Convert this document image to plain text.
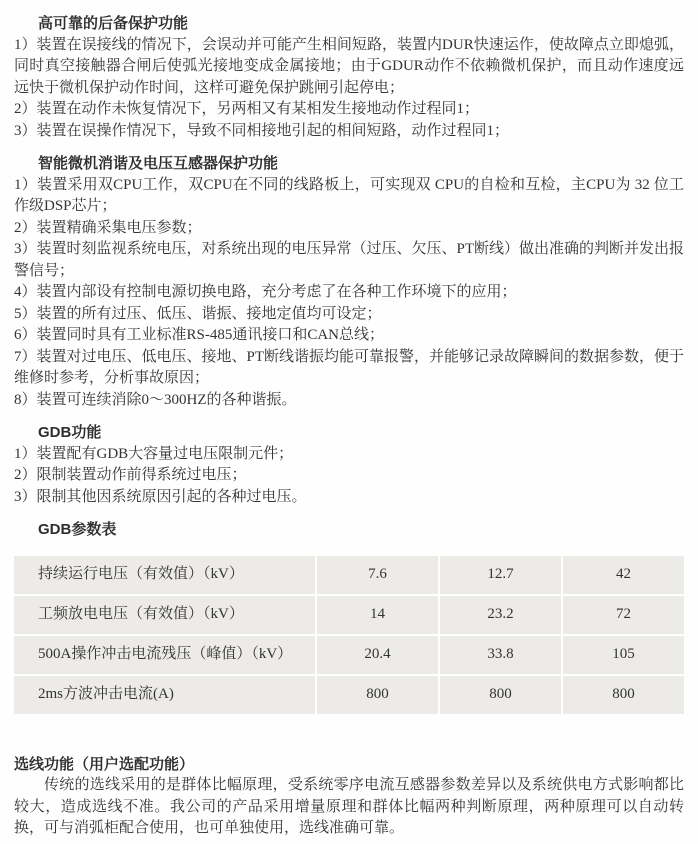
高可靠的后备保护功能

1）装置在误接线的情况下，会误动并可能产生相间短路，装置内DUR快速运作，使故障点立即熄弧，同时真空接触器合闸后使弧光接地变成金属接地；由于GDUR动作不依赖微机保护，而且动作速度远远快于微机保护动作时间，这样可避免保护跳闸引起停电；

2）装置在动作未恢复情况下，另两相又有某相发生接地动作过程同1；

3）装置在误操作情况下，导致不同相接地引起的相间短路，动作过程同1；

智能微机消谐及电压互感器保护功能

1）装置采用双CPU工作，双CPU在不同的线路板上，可实现双 CPU的自检和互检，主CPU为 32 位工作级DSP芯片；

2）装置精确采集电压参数；

3）装置时刻监视系统电压，对系统出现的电压异常（过压、欠压、PT断线）做出准确的判断并发出报警信号；

4）装置内部设有控制电源切换电路，充分考虑了在各种工作环境下的应用；

5）装置的所有过压、低压、谐振、接地定值均可设定；

6）装置同时具有工业标准RS-485通讯接口和CAN总线；

7）装置对过电压、低电压、接地、PT断线谐振均能可靠报警，并能够记录故障瞬间的数据参数，便于维修时参考，分析事故原因；

8）装置可连续消除0～300HZ的各种谐振。

GDB功能

1）装置配有GDB大容量过电压限制元件；

2）限制装置动作前得系统过电压；

3）限制其他因系统原因引起的各种过电压。

GDB参数表
持续运行电压（有效值）（kV）	7.6	12.7	42
工频放电电压（有效值）（kV）	14	23.2	72
500A操作冲击电流残压（峰值）（kV）	20.4	33.8	105
2ms方波冲击电流(A)	800	800	800
选线功能（用户选配功能）

传统的选线采用的是群体比幅原理，受系统零序电流互感器参数差异以及系统供电方式影响都比较大，造成选线不准。我公司的产品采用增量原理和群体比幅两种判断原理，两种原理可以自动转换，可与消弧柜配合使用，也可单独使用，选线准确可靠。
